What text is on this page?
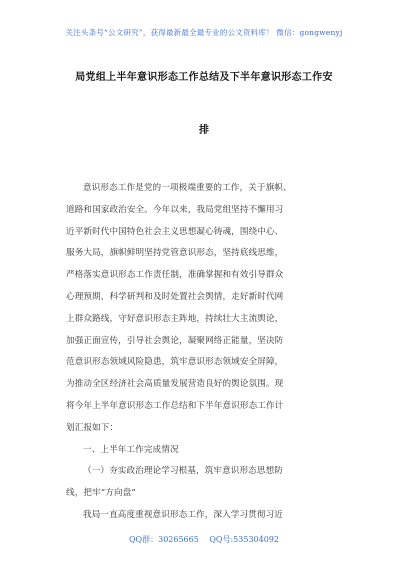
关注头条号“公文研究”，获得最新最全最专业的公文资料库！ 微信：gongwenyj
局党组上半年意识形态工作总结及下半年意识形态工作安
排
意识形态工作是党的一项极端重要的工作，关于旗帜、
道路和国家政治安全。今年以来，我局党组坚持不懈用习
近平新时代中国特色社会主义思想凝心铸魂，围绕中心、
服务大局，旗帜鲜明坚持党管意识形态，坚持底线思维，
严格落实意识形态工作责任制，准确掌握和有效引导群众
心理预期，科学研判和及时处置社会舆情，走好新时代网
上群众路线，守好意识形态主阵地，持续壮大主流舆论，
加强正面宣传，引导社会舆论，凝聚网络正能量，坚决防
范意识形态领域风险隐患，筑牢意识形态领域安全屏障，
为推动全区经济社会高质量发展营造良好的舆论氛围。现
将今年上半年意识形态工作总结和下半年意识形态工作计
划汇报如下：
一、上半年工作完成情况
（一）夯实政治理论学习根基，筑牢意识形态思想防
线，把牢“方向盘”
我局一直高度重视意识形态工作，深入学习贯彻习近
QQ群：30265665 QQ号:535304092
